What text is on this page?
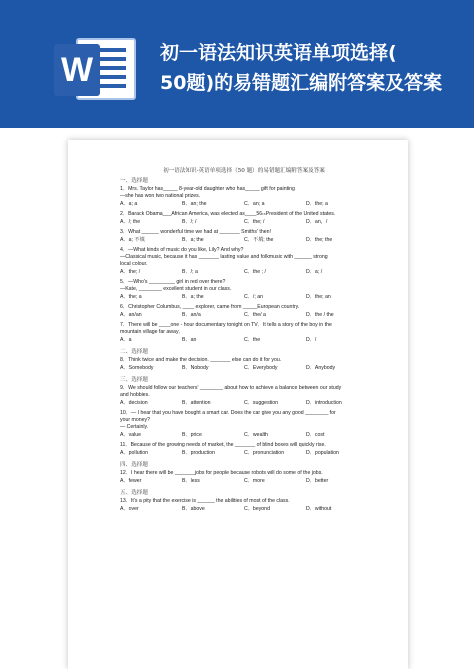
W	初一语法知识英语单项选择(
50题)的易错题汇编附答案及答案
初一语法知识-英语单项选择（50 题）的易错题汇编附答案及答案
一、选择题
1．Mrs. Taylor has_____ 8-year-old daughter who has_____ gift for painting
—she has won two national prizes.
A．a; a	B．an; the	C．an; a	D．the; a
2．Barack Obama___African America, was elected as____56ₜₕPresident of the United states.
A．/; the	B．/; /	C．the; /	D．an，/
3．What ______ wonderful time we had at _______ Smiths' then!
A．a; 不填	B．a; the	C．不填; the	D．the; the
4．—What kinds of music do you like, Lily? And why?
—Classical music, because it has _______ lasting value and folkmusic with ______ strong
local colour.
A．the; /	B．/; a	C．the ; /	D．a; /
5．—Who's _________ girl in red over there?
—Kate, ________ excellent student in our class.
A．the; a	B．a; the	C．/; an	D．the; an
6．Christopher Columbus, ____ explorer, came from _____European country.
A．an/an	B．an/a	C．the/ a	D．the / the
7．There will be ____one - hour documentary tonight on TV．It tells a story of the boy in the
mountain village far away．
A．a	B．an	C．the	D．/
二、选择题
8．Think twice and make the decision. _______ else can do it for you.
A．Somebody	B．Nobody	C．Everybody	D．Anybody
三、选择题
9．We should follow our teachers' ________ about how to achieve a balance between our study
and hobbies.
A．decision	B．attention	C．suggestion	D．introduction
10．— I hear that you have bought a smart car. Does the car give you any good ________ for
your money?
— Certainly.
A．value	B．price	C．wealth	D．cost
11．Because of the growing needs of market, the _______ of blind boxes will quickly rise.
A．pollution	B．production	C．pronunciation	D．population
四、选择题
12．I hear there will be _______jobs for people because robots will do some of the jobs.
A．fewer	B．less	C．more	D．better
五、选择题
13．It's a pity that the exercise is ______ the abilities of most of the class.
A．over	B．above	C．beyond	D．without
